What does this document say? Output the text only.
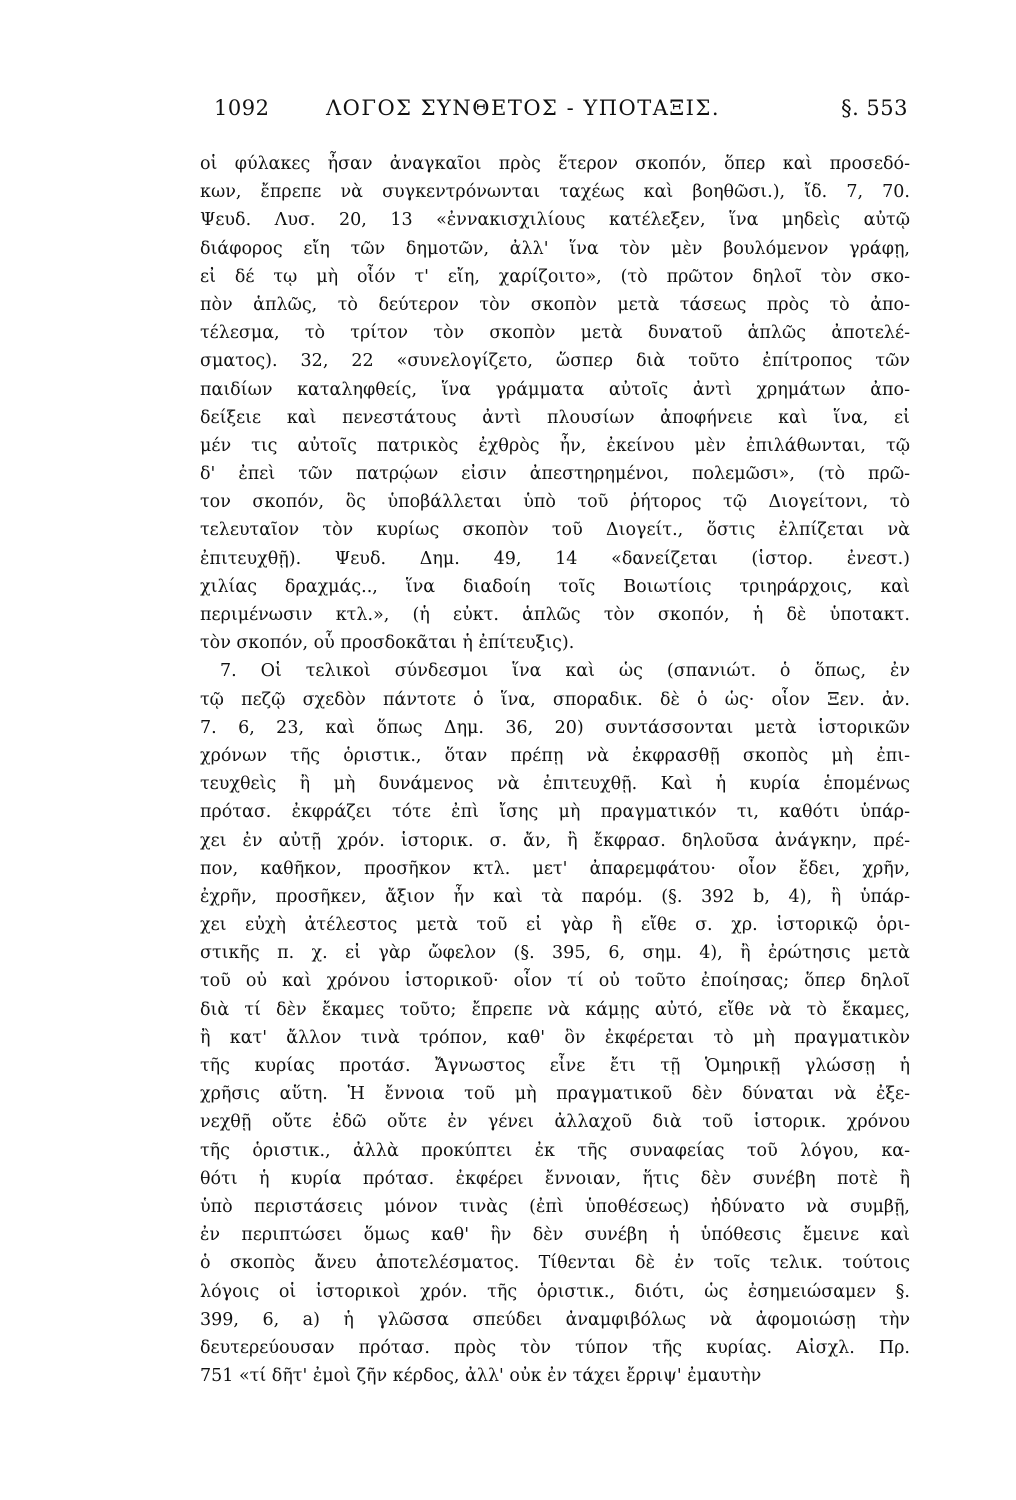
1092	ΛΟΓΟΣ ΣΥΝΘΕΤΟΣ - ΥΠΟΤΑΞΙΣ.	§. 553
οἱ φύλακες ἦσαν ἀναγκαῖοι πρὸς ἕτερον σκοπόν, ὅπερ καὶ προσεδό-
κων, ἔπρεπε νὰ συγκεντρόνωνται ταχέως καὶ βοηθῶσι.), ἴδ. 7, 70.
Ψευδ. Λυσ. 20, 13 «ἐννακισχιλίους κατέλεξεν, ἵνα μηδεὶς αὐτῷ
διάφορος εἴη τῶν δημοτῶν, ἀλλ' ἵνα τὸν μὲν βουλόμενον γράφῃ,
εἰ δέ τῳ μὴ οἷόν τ' εἴη, χαρίζοιτο», (τὸ πρῶτον δηλοῖ τὸν σκο-
πὸν ἁπλῶς, τὸ δεύτερον τὸν σκοπὸν μετὰ τάσεως πρὸς τὸ ἀπο-
τέλεσμα, τὸ τρίτον τὸν σκοπὸν μετὰ δυνατοῦ ἁπλῶς ἀποτελέ-
σματος). 32, 22 «συνελογίζετο, ὥσπερ διὰ τοῦτο ἐπίτροπος τῶν
παιδίων καταληφθείς, ἵνα γράμματα αὐτοῖς ἀντὶ χρημάτων ἀπο-
δείξειε καὶ πενεστάτους ἀντὶ πλουσίων ἀποφήνειε καὶ ἵνα, εἰ
μέν τις αὐτοῖς πατρικὸς ἐχθρὸς ἦν, ἐκείνου μὲν ἐπιλάθωνται, τῷ
δ' ἐπεὶ τῶν πατρῴων εἰσιν ἀπεστηρημένοι, πολεμῶσι», (τὸ πρῶ-
τον σκοπόν, ὃς ὑποβάλλεται ὑπὸ τοῦ ῥήτορος τῷ Διογείτονι, τὸ
τελευταῖον τὸν κυρίως σκοπὸν τοῦ Διογείτ., ὅστις ἐλπίζεται νὰ
ἐπιτευχθῇ). Ψευδ. Δημ. 49, 14 «δανείζεται (ἱστορ. ἐνεστ.)
χιλίας δραχμάς.., ἵνα διαδοίη τοῖς Βοιωτίοις τριηράρχοις, καὶ
περιμένωσιν κτλ.», (ἡ εὐκτ. ἁπλῶς τὸν σκοπόν, ἡ δὲ ὑποτακτ.
τὸν σκοπόν, οὗ προσδοκᾶται ἡ ἐπίτευξις).
7. Οἱ τελικοὶ σύνδεσμοι ἵνα καὶ ὡς (σπανιώτ. ὁ ὅπως, ἐν
τῷ πεζῷ σχεδὸν πάντοτε ὁ ἵνα, σποραδικ. δὲ ὁ ὡς· οἷον Ξεν. ἀν.
7. 6, 23, καὶ ὅπως Δημ. 36, 20) συντάσσονται μετὰ ἱστορικῶν
χρόνων τῆς ὁριστικ., ὅταν πρέπῃ νὰ ἐκφρασθῇ σκοπὸς μὴ ἐπι-
τευχθεὶς ἢ μὴ δυνάμενος νὰ ἐπιτευχθῇ. Καὶ ἡ κυρία ἑπομένως
πρότασ. ἐκφράζει τότε ἐπὶ ἴσης μὴ πραγματικόν τι, καθότι ὑπάρ-
χει ἐν αὐτῇ χρόν. ἱστορικ. σ. ἄν, ἢ ἔκφρασ. δηλοῦσα ἀνάγκην, πρέ-
πον, καθῆκον, προσῆκον κτλ. μετ' ἀπαρεμφάτου· οἷον ἔδει, χρῆν,
ἐχρῆν, προσῆκεν, ἄξιον ἦν καὶ τὰ παρόμ. (§. 392 b, 4), ἢ ὑπάρ-
χει εὐχὴ ἀτέλεστος μετὰ τοῦ εἰ γὰρ ἢ εἴθε σ. χρ. ἱστορικῷ ὁρι-
στικῆς π. χ. εἰ γὰρ ὤφελον (§. 395, 6, σημ. 4), ἢ ἐρώτησις μετὰ
τοῦ οὐ καὶ χρόνου ἱστορικοῦ· οἷον τί οὐ τοῦτο ἐποίησας; ὅπερ δηλοῖ
διὰ τί δὲν ἔκαμες τοῦτο; ἔπρεπε νὰ κάμῃς αὐτό, εἴθε νὰ τὸ ἔκαμες,
ἢ κατ' ἄλλον τινὰ τρόπον, καθ' ὃν ἐκφέρεται τὸ μὴ πραγματικὸν
τῆς κυρίας προτάσ. Ἄγνωστος εἶνε ἔτι τῇ Ὁμηρικῇ γλώσσῃ ἡ
χρῆσις αὕτη. Ἡ ἔννοια τοῦ μὴ πραγματικοῦ δὲν δύναται νὰ ἐξε-
νεχθῇ οὔτε ἐδῶ οὔτε ἐν γένει ἀλλαχοῦ διὰ τοῦ ἱστορικ. χρόνου
τῆς ὁριστικ., ἀλλὰ προκύπτει ἐκ τῆς συναφείας τοῦ λόγου, κα-
θότι ἡ κυρία πρότασ. ἐκφέρει ἔννοιαν, ἥτις δὲν συνέβη ποτὲ ἢ
ὑπὸ περιστάσεις μόνον τινὰς (ἐπὶ ὑποθέσεως) ἠδύνατο νὰ συμβῇ,
ἐν περιπτώσει ὅμως καθ' ἣν δὲν συνέβη ἡ ὑπόθεσις ἔμεινε καὶ
ὁ σκοπὸς ἄνευ ἀποτελέσματος. Τίθενται δὲ ἐν τοῖς τελικ. τούτοις
λόγοις οἱ ἱστορικοὶ χρόν. τῆς ὁριστικ., διότι, ὡς ἐσημειώσαμεν §.
399, 6, a) ἡ γλῶσσα σπεύδει ἀναμφιβόλως νὰ ἀφομοιώσῃ τὴν
δευτερεύουσαν πρότασ. πρὸς τὸν τύπον τῆς κυρίας. Αἰσχλ. Πρ.
751 «τί δῆτ' ἐμοὶ ζῆν κέρδος, ἀλλ' οὐκ ἐν τάχει ἔρριψ' ἐμαυτὴν
